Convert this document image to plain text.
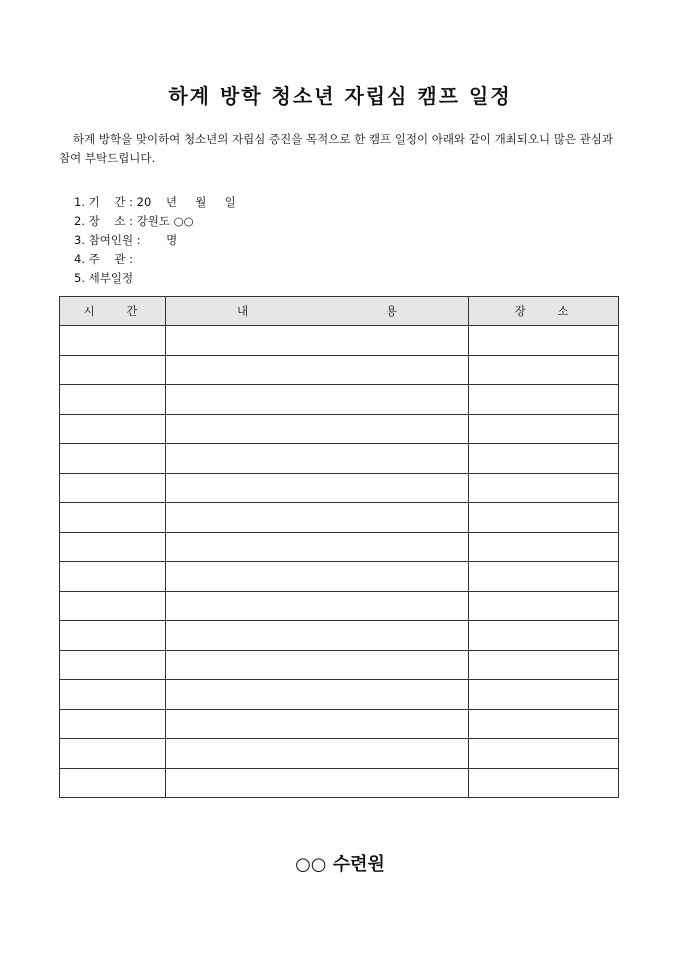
하계 방학 청소년 자립심 캠프 일정
하계 방학을 맞이하여 청소년의 자립심 증진을 목적으로 한 캠프 일정이 아래와 같이 개최되오니 많은 관심과 참여 부탁드립니다.
1. 기    간 : 20    년     월     일
2. 장    소 : 강원도 ○○
3. 참여인원 :       명
4. 주    관 :
5. 세부일정
시 간	내 용	장 소

○○ 수련원
